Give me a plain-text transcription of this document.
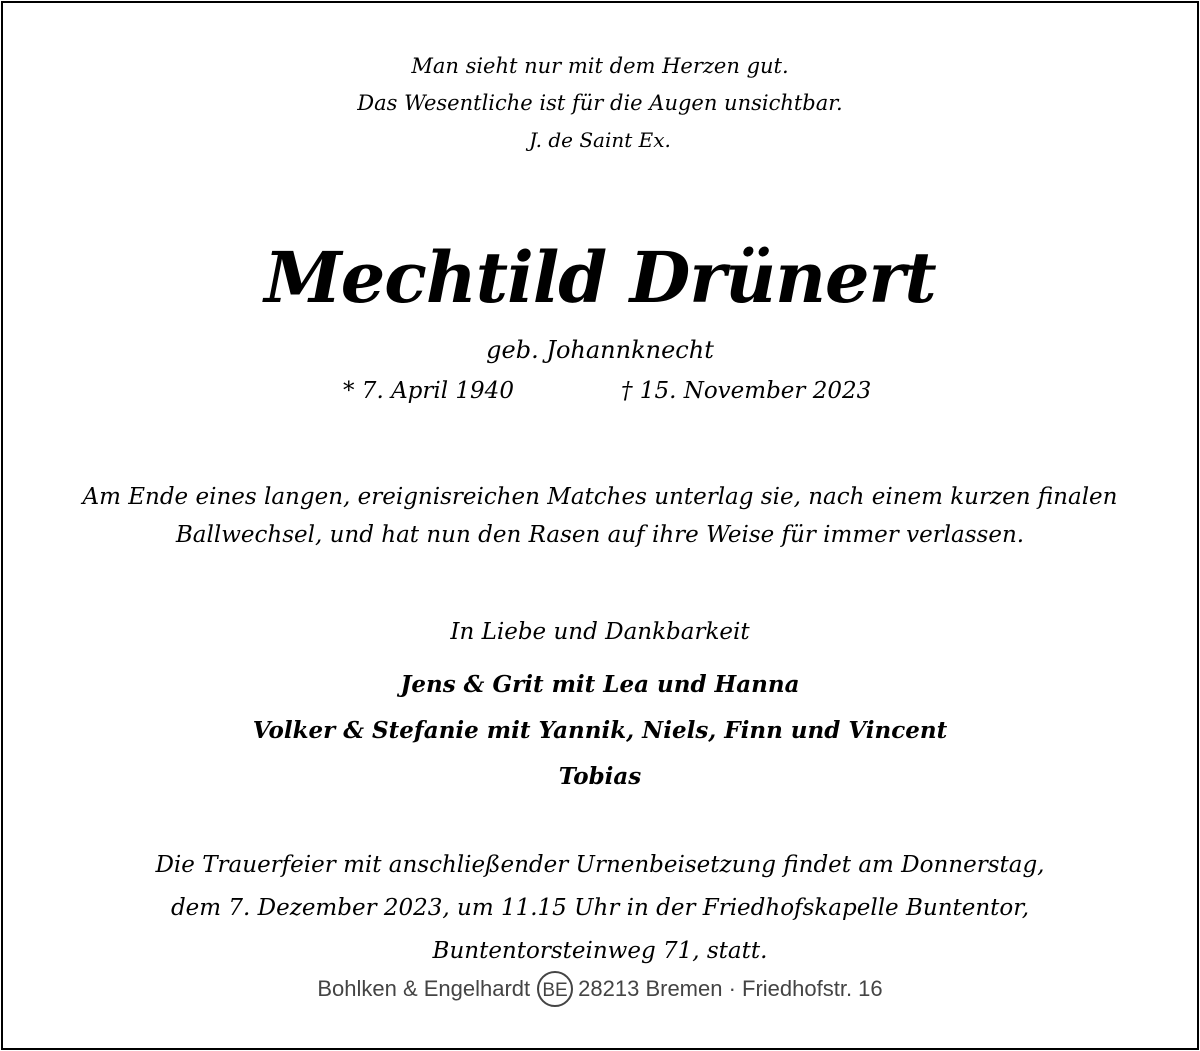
Man sieht nur mit dem Herzen gut.
Das Wesentliche ist für die Augen unsichtbar.
J. de Saint Ex.
Mechtild Drünert
geb. Johannknecht
* 7. April 1940	† 15. November 2023
Am Ende eines langen, ereignisreichen Matches unterlag sie, nach einem kurzen finalen
Ballwechsel, und hat nun den Rasen auf ihre Weise für immer verlassen.
In Liebe und Dankbarkeit
Jens & Grit mit Lea und Hanna
Volker & Stefanie mit Yannik, Niels, Finn und Vincent
Tobias
Die Trauerfeier mit anschließender Urnenbeisetzung findet am Donnerstag,
dem 7. Dezember 2023, um 11.15 Uhr in der Friedhofskapelle Buntentor,
Buntentorsteinweg 71, statt.
Bohlken & Engelhardt BE 28213 Bremen · Friedhofstr. 16
